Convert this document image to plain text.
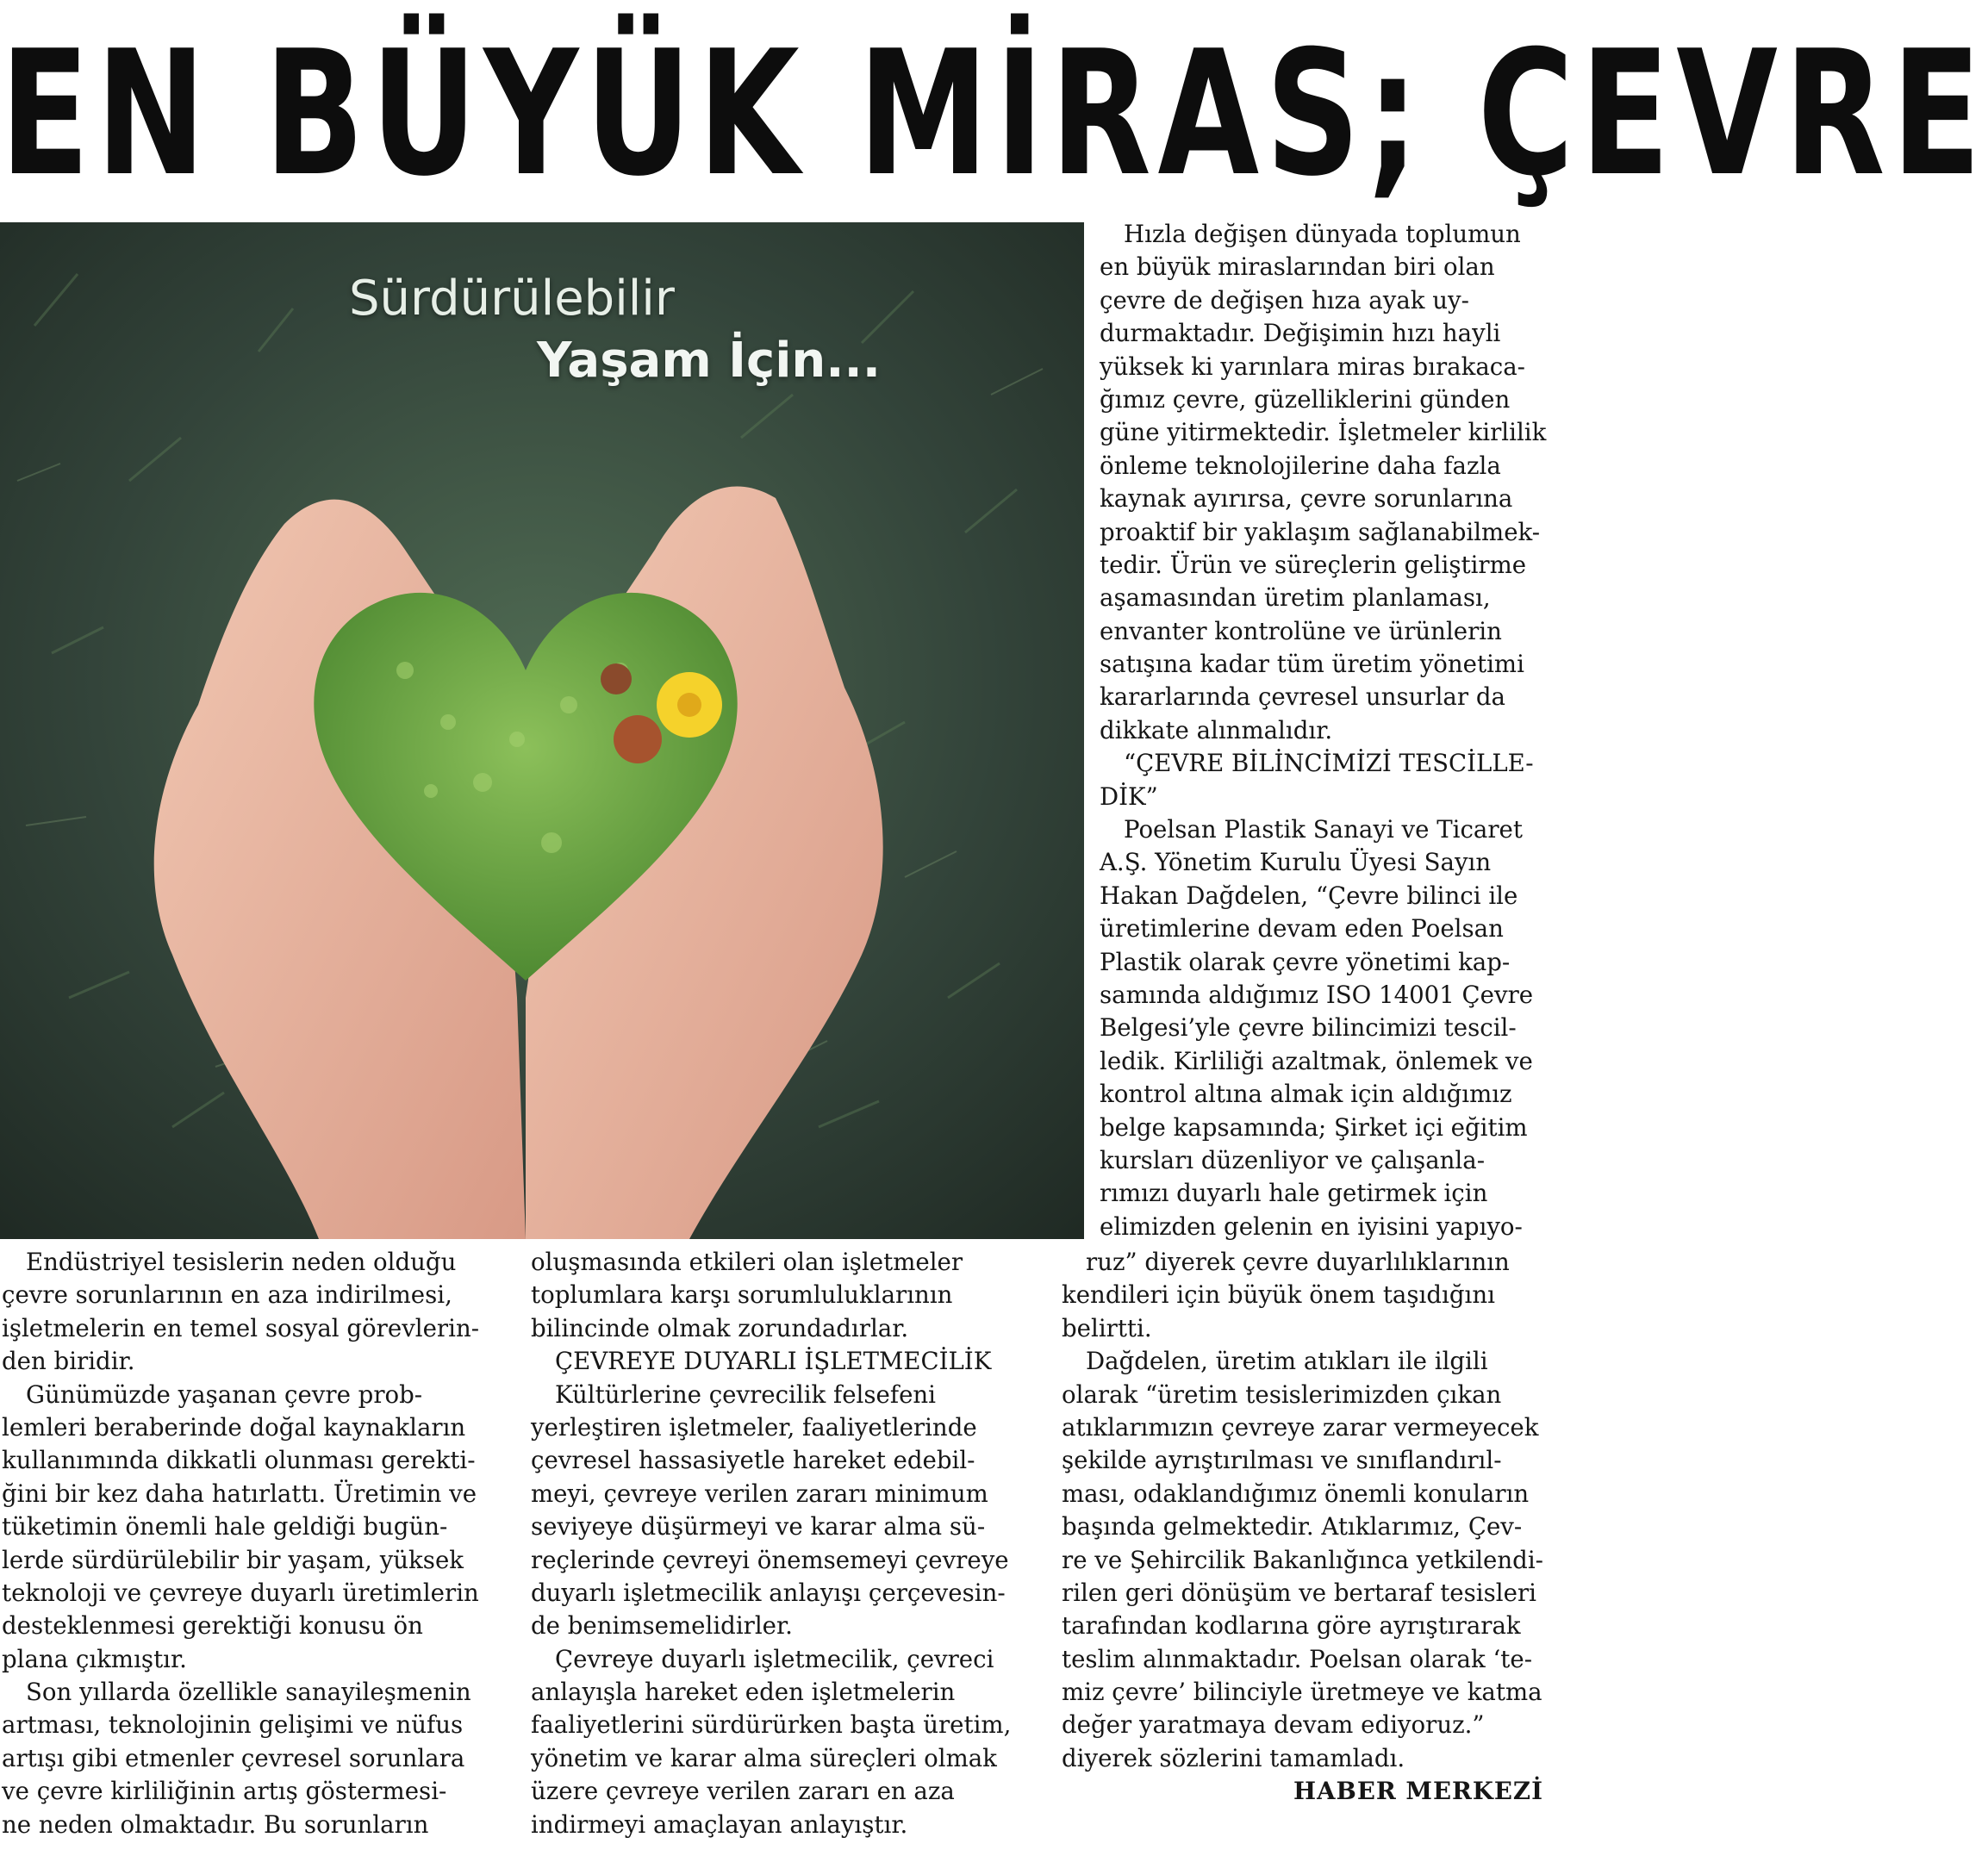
EN BÜYÜK MİRAS; ÇEVRE
Sürdürülebilir
Yaşam İçin...
Hızla değişen dünyada toplumun
en büyük miraslarından biri olan
çevre de değişen hıza ayak uy-
durmaktadır. Değişimin hızı hayli
yüksek ki yarınlara miras bırakaca-
ğımız çevre, güzelliklerini günden
güne yitirmektedir. İşletmeler kirlilik
önleme teknolojilerine daha fazla
kaynak ayırırsa, çevre sorunlarına
proaktif bir yaklaşım sağlanabilmek-
tedir. Ürün ve süreçlerin geliştirme
aşamasından üretim planlaması,
envanter kontrolüne ve ürünlerin
satışına kadar tüm üretim yönetimi
kararlarında çevresel unsurlar da
dikkate alınmalıdır.
“ÇEVRE BİLİNCİMİZİ TESCİLLE-
DİK”
Poelsan Plastik Sanayi ve Ticaret
A.Ş. Yönetim Kurulu Üyesi Sayın
Hakan Dağdelen, “Çevre bilinci ile
üretimlerine devam eden Poelsan
Plastik olarak çevre yönetimi kap-
samında aldığımız ISO 14001 Çevre
Belgesi’yle çevre bilincimizi tescil-
ledik. Kirliliği azaltmak, önlemek ve
kontrol altına almak için aldığımız
belge kapsamında; Şirket içi eğitim
kursları düzenliyor ve çalışanla-
rımızı duyarlı hale getirmek için
elimizden gelenin en iyisini yapıyo-
ruz” diyerek çevre duyarlılıklarının
kendileri için büyük önem taşıdığını
belirtti.
Dağdelen, üretim atıkları ile ilgili
olarak “üretim tesislerimizden çıkan
atıklarımızın çevreye zarar vermeyecek
şekilde ayrıştırılması ve sınıflandırıl-
ması, odaklandığımız önemli konuların
başında gelmektedir. Atıklarımız, Çev-
re ve Şehircilik Bakanlığınca yetkilendi-
rilen geri dönüşüm ve bertaraf tesisleri
tarafından kodlarına göre ayrıştırarak
teslim alınmaktadır. Poelsan olarak ‘te-
miz çevre’ bilinciyle üretmeye ve katma
değer yaratmaya devam ediyoruz.”
diyerek sözlerini tamamladı.
HABER MERKEZİ
Endüstriyel tesislerin neden olduğu
çevre sorunlarının en aza indirilmesi,
işletmelerin en temel sosyal görevlerin-
den biridir.
Günümüzde yaşanan çevre prob-
lemleri beraberinde doğal kaynakların
kullanımında dikkatli olunması gerekti-
ğini bir kez daha hatırlattı. Üretimin ve
tüketimin önemli hale geldiği bugün-
lerde sürdürülebilir bir yaşam, yüksek
teknoloji ve çevreye duyarlı üretimlerin
desteklenmesi gerektiği konusu ön
plana çıkmıştır.
Son yıllarda özellikle sanayileşmenin
artması, teknolojinin gelişimi ve nüfus
artışı gibi etmenler çevresel sorunlara
ve çevre kirliliğinin artış göstermesi-
ne neden olmaktadır. Bu sorunların
oluşmasında etkileri olan işletmeler
toplumlara karşı sorumluluklarının
bilincinde olmak zorundadırlar.
ÇEVREYE DUYARLI İŞLETMECİLİK
Kültürlerine çevrecilik felsefeni
yerleştiren işletmeler, faaliyetlerinde
çevresel hassasiyetle hareket edebil-
meyi, çevreye verilen zararı minimum
seviyeye düşürmeyi ve karar alma sü-
reçlerinde çevreyi önemsemeyi çevreye
duyarlı işletmecilik anlayışı çerçevesin-
de benimsemelidirler.
Çevreye duyarlı işletmecilik, çevreci
anlayışla hareket eden işletmelerin
faaliyetlerini sürdürürken başta üretim,
yönetim ve karar alma süreçleri olmak
üzere çevreye verilen zararı en aza
indirmeyi amaçlayan anlayıştır.
